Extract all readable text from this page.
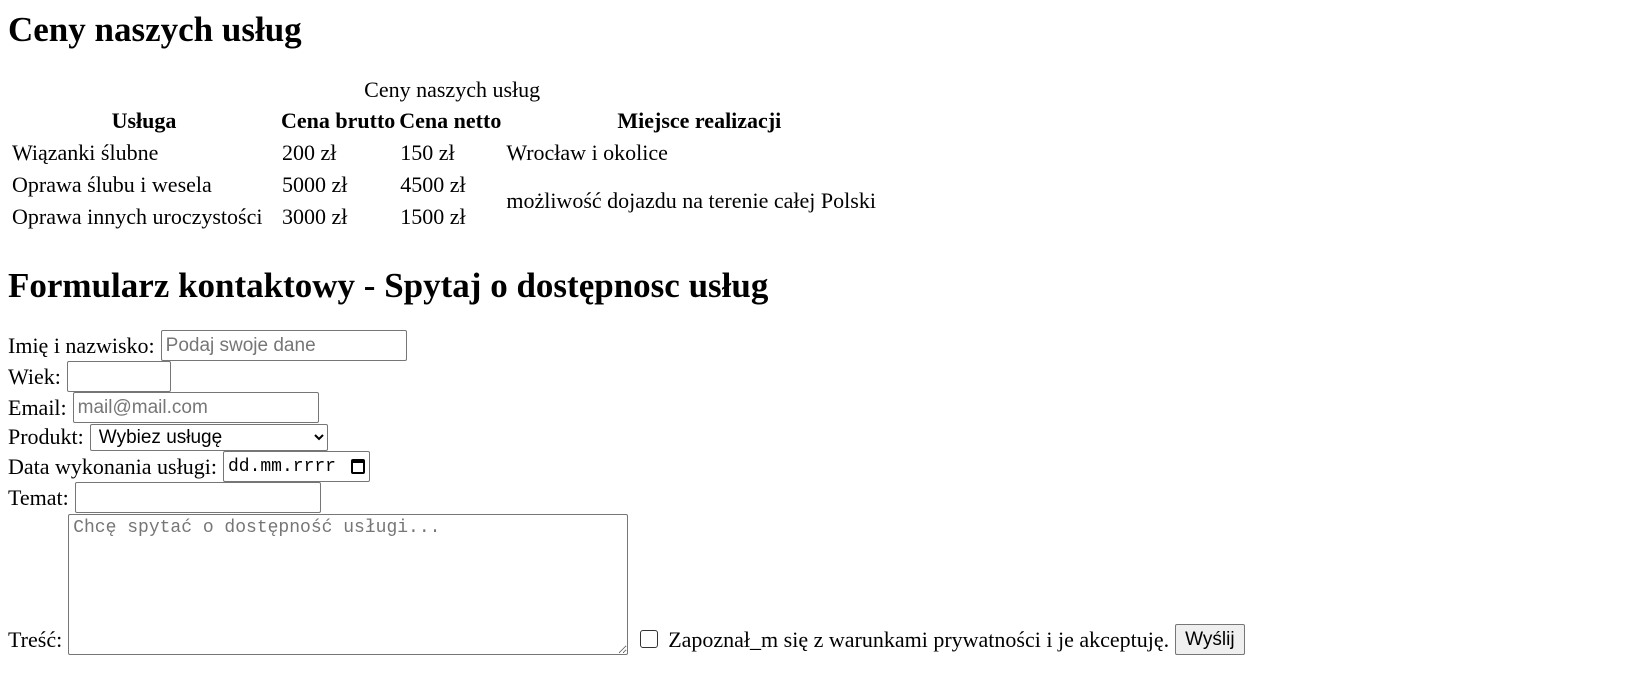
Ceny naszych usług
Ceny naszych usług
Usługa	Cena brutto	Cena netto	Miejsce realizacji
Wiązanki ślubne	200 zł	150 zł	Wrocław i okolice
Oprawa ślubu i wesela	5000 zł	4500 zł	możliwość dojazdu na terenie całej Polski
Oprawa innych uroczystości	3000 zł	1500 zł	
Formularz kontaktowy - Spytaj o dostępnosc usług
Imię i nazwisko:
Podaj swoje dane
Wiek:
Email:
mail@mail.com
Produkt:
Wybiez usługę
Data wykonania usługi: dd.mm.rrrr
Temat:
Treść:
Chcę spytać o dostępność usługi...	Zapoznał_m się z warunkami prywatności i je akceptuję. Wyślij
